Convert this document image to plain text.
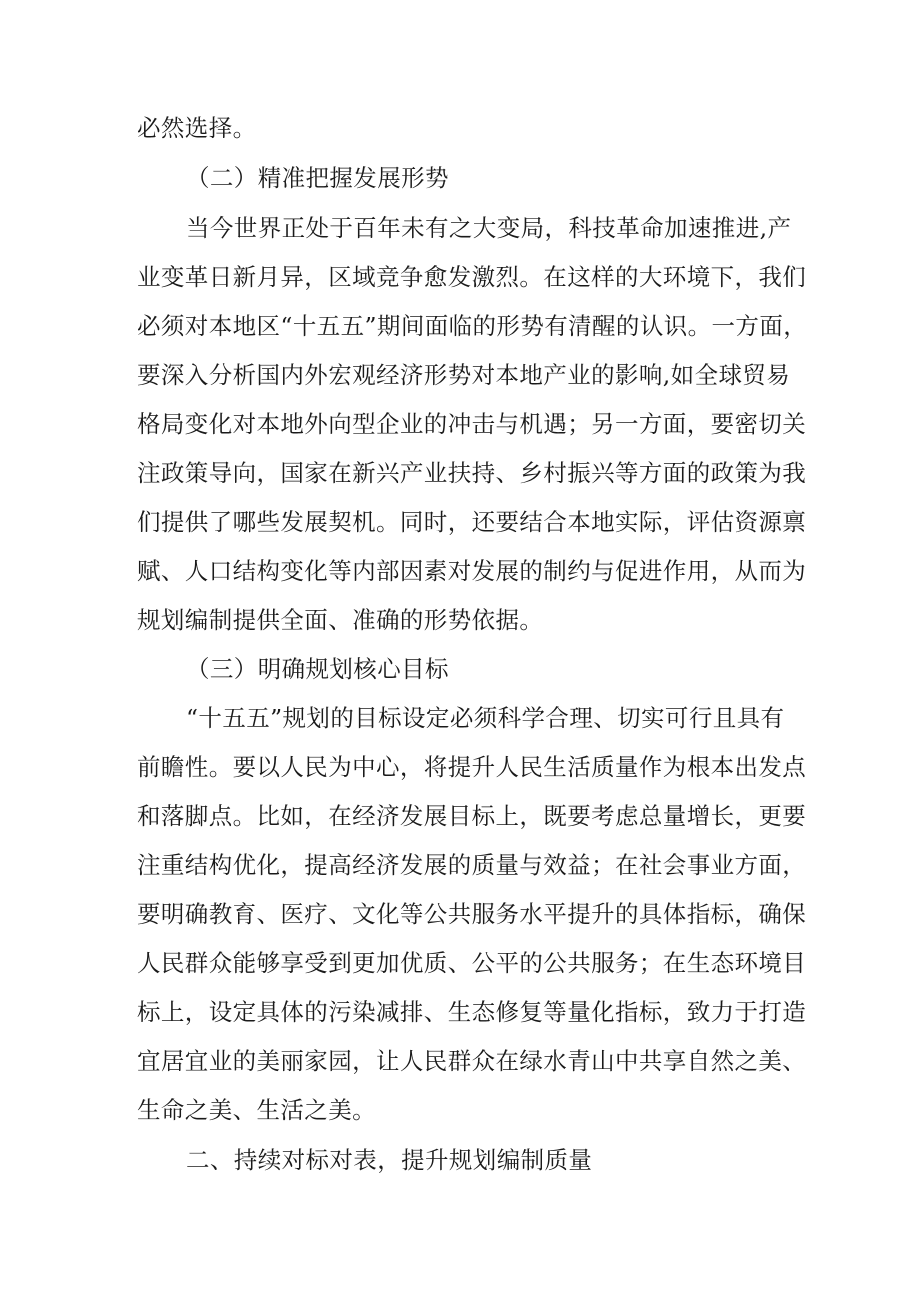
必然选择。
（二）精准把握发展形势
当今世界正处于百年未有之大变局，科技革命加速推进,产
业变革日新月异，区域竞争愈发激烈。在这样的大环境下，我们
必须对本地区“十五五”期间面临的形势有清醒的认识。一方面，
要深入分析国内外宏观经济形势对本地产业的影响,如全球贸易
格局变化对本地外向型企业的冲击与机遇；另一方面，要密切关
注政策导向，国家在新兴产业扶持、乡村振兴等方面的政策为我
们提供了哪些发展契机。同时，还要结合本地实际，评估资源禀
赋、人口结构变化等内部因素对发展的制约与促进作用，从而为
规划编制提供全面、准确的形势依据。
（三）明确规划核心目标
“十五五”规划的目标设定必须科学合理、切实可行且具有
前瞻性。要以人民为中心，将提升人民生活质量作为根本出发点
和落脚点。比如，在经济发展目标上，既要考虑总量增长，更要
注重结构优化，提高经济发展的质量与效益；在社会事业方面，
要明确教育、医疗、文化等公共服务水平提升的具体指标，确保
人民群众能够享受到更加优质、公平的公共服务；在生态环境目
标上，设定具体的污染减排、生态修复等量化指标，致力于打造
宜居宜业的美丽家园，让人民群众在绿水青山中共享自然之美、
生命之美、生活之美。
二、持续对标对表，提升规划编制质量
